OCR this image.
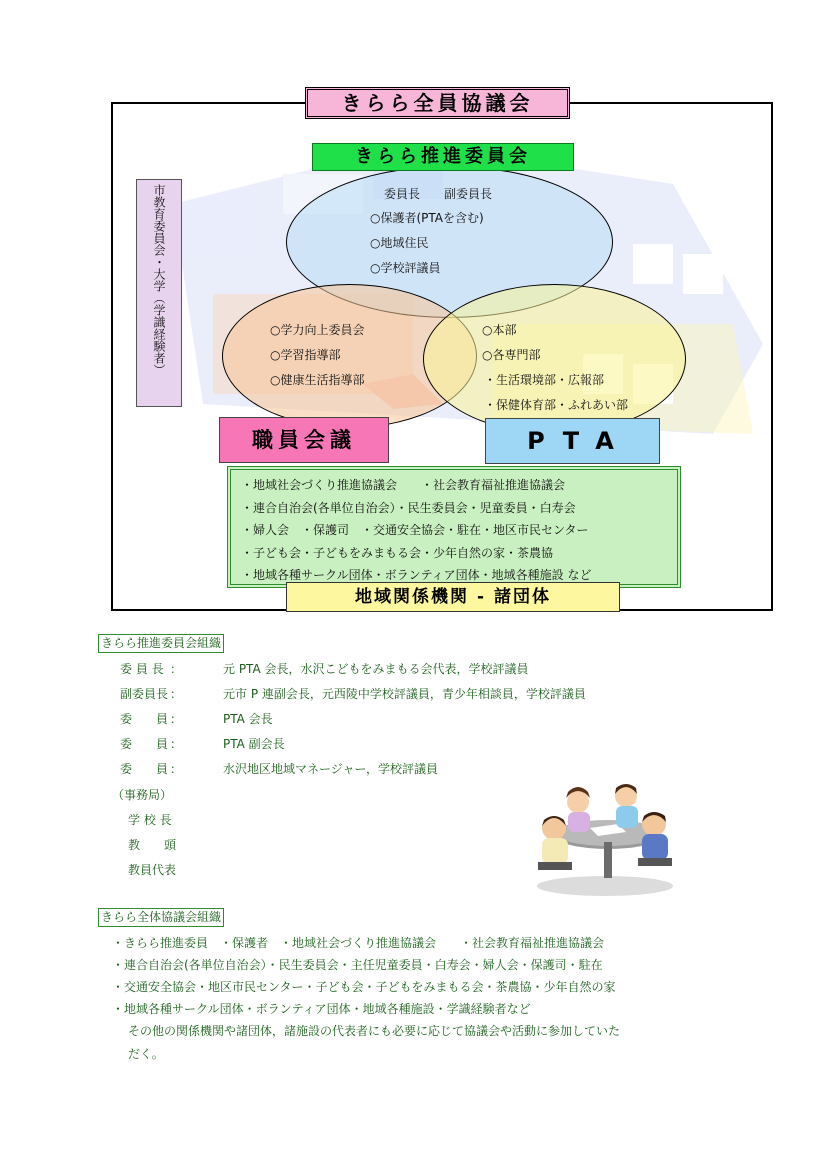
きらら全員協議会
市教育委員会・大学（学識経験者）
きらら推進委員会
委員長　　副委員長
○保護者(PTAを含む)
○地域住民
○学校評議員
○学力向上委員会
○学習指導部
○健康生活指導部
○本部
○各専門部
・生活環境部・広報部
・保健体育部・ふれあい部
職員会議	PTA
・地域社会づくり推進協議会　　・社会教育福祉推進協議会
・連合自治会(各単位自治会）・民生委員会・児童委員・白寿会
・婦人会　・保護司　・交通安全協会・駐在・地区市民センター
・子ども会・子どもをみまもる会・少年自然の家・茶農協
・地域各種サークル団体・ボランティア団体・地域各種施設 など
地域関係機関 - 諸団体
きらら推進委員会組織
委 員 長 ：	元 PTA 会長，水沢こどもをみまもる会代表，学校評議員
副委員長 ：	元市 P 連副会長，元西陵中学校評議員，青少年相談員，学校評議員
委　　員 ：	PTA 会長
委　　員 ：	PTA 副会長
委　　員 ：	水沢地区地域マネージャー，学校評議員
（事務局）
学 校 長
教　　頭
教員代表
きらら全体協議会組織
・きらら推進委員　・保護者　・地域社会づくり推進協議会　　・社会教育福祉推進協議会
・連合自治会(各単位自治会）・民生委員会・主任児童委員・白寿会・婦人会・保護司・駐在
・交通安全協会・地区市民センター・子ども会・子どもをみまもる会・茶農協・少年自然の家
・地域各種サークル団体・ボランティア団体・地域各種施設・学識経験者など
その他の関係機関や諸団体，諸施設の代表者にも必要に応じて協議会や活動に参加していた
だく。
